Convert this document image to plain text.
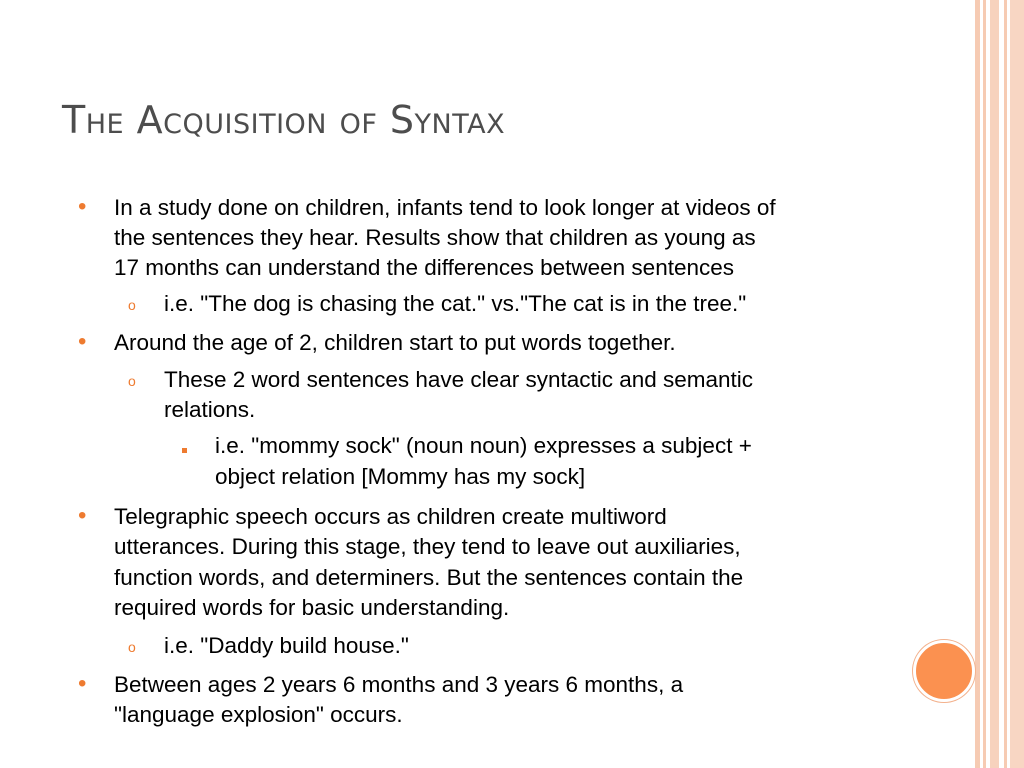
The Acquisition of Syntax
• In a study done on children, infants tend to look longer at videos of
the sentences they hear. Results show that children as young as
17 months can understand the differences between sentences
o i.e. "The dog is chasing the cat." vs."The cat is in the tree."
• Around the age of 2, children start to put words together.
o These 2 word sentences have clear syntactic and semantic
relations.
i.e. "mommy sock" (noun noun) expresses a subject +
object relation [Mommy has my sock]
• Telegraphic speech occurs as children create multiword
utterances. During this stage, they tend to leave out auxiliaries,
function words, and determiners. But the sentences contain the
required words for basic understanding.
o i.e. "Daddy build house."
• Between ages 2 years 6 months and 3 years 6 months, a
"language explosion" occurs.
